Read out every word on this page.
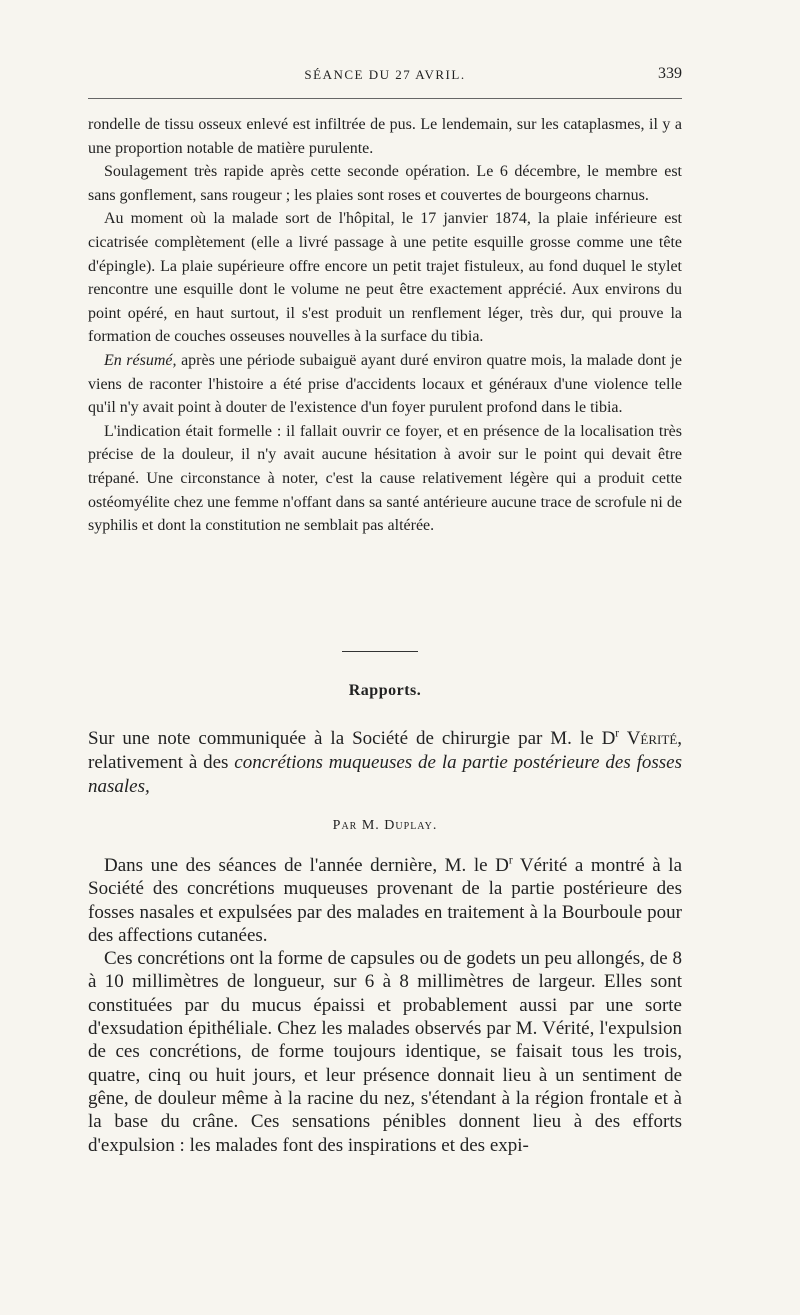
SÉANCE DU 27 AVRIL.	339

rondelle de tissu osseux enlevé est infiltrée de pus. Le lendemain, sur les cataplasmes, il y a une proportion notable de matière purulente.

Soulagement très rapide après cette seconde opération. Le 6 décembre, le membre est sans gonflement, sans rougeur ; les plaies sont roses et couvertes de bourgeons charnus.

Au moment où la malade sort de l'hôpital, le 17 janvier 1874, la plaie inférieure est cicatrisée complètement (elle a livré passage à une petite esquille grosse comme une tête d'épingle). La plaie supérieure offre encore un petit trajet fistuleux, au fond duquel le stylet rencontre une esquille dont le volume ne peut être exactement apprécié. Aux environs du point opéré, en haut surtout, il s'est produit un renflement léger, très dur, qui prouve la formation de couches osseuses nouvelles à la surface du tibia.

En résumé, après une période subaiguë ayant duré environ quatre mois, la malade dont je viens de raconter l'histoire a été prise d'accidents locaux et généraux d'une violence telle qu'il n'y avait point à douter de l'existence d'un foyer purulent profond dans le tibia.

L'indication était formelle : il fallait ouvrir ce foyer, et en présence de la localisation très précise de la douleur, il n'y avait aucune hésitation à avoir sur le point qui devait être trépané. Une circonstance à noter, c'est la cause relativement légère qui a produit cette ostéomyélite chez une femme n'offant dans sa santé antérieure aucune trace de scrofule ni de syphilis et dont la constitution ne semblait pas altérée.

Rapports.

Sur une note communiquée à la Société de chirurgie par M. le $D^r$ Vérité, relativement à des concrétions muqueuses de la partie postérieure des fosses nasales,

Par M. Duplay.

Dans une des séances de l'année dernière, M. le $D^r$ Vérité a montré à la Société des concrétions muqueuses provenant de la partie postérieure des fosses nasales et expulsées par des malades en traitement à la Bourboule pour des affections cutanées.

Ces concrétions ont la forme de capsules ou de godets un peu allongés, de 8 à 10 millimètres de longueur, sur 6 à 8 millimètres de largeur. Elles sont constituées par du mucus épaissi et probablement aussi par une sorte d'exsudation épithéliale. Chez les malades observés par M. Vérité, l'expulsion de ces concrétions, de forme toujours identique, se faisait tous les trois, quatre, cinq ou huit jours, et leur présence donnait lieu à un sentiment de gêne, de douleur même à la racine du nez, s'étendant à la région frontale et à la base du crâne. Ces sensations pénibles donnent lieu à des efforts d'expulsion : les malades font des inspirations et des expi-
